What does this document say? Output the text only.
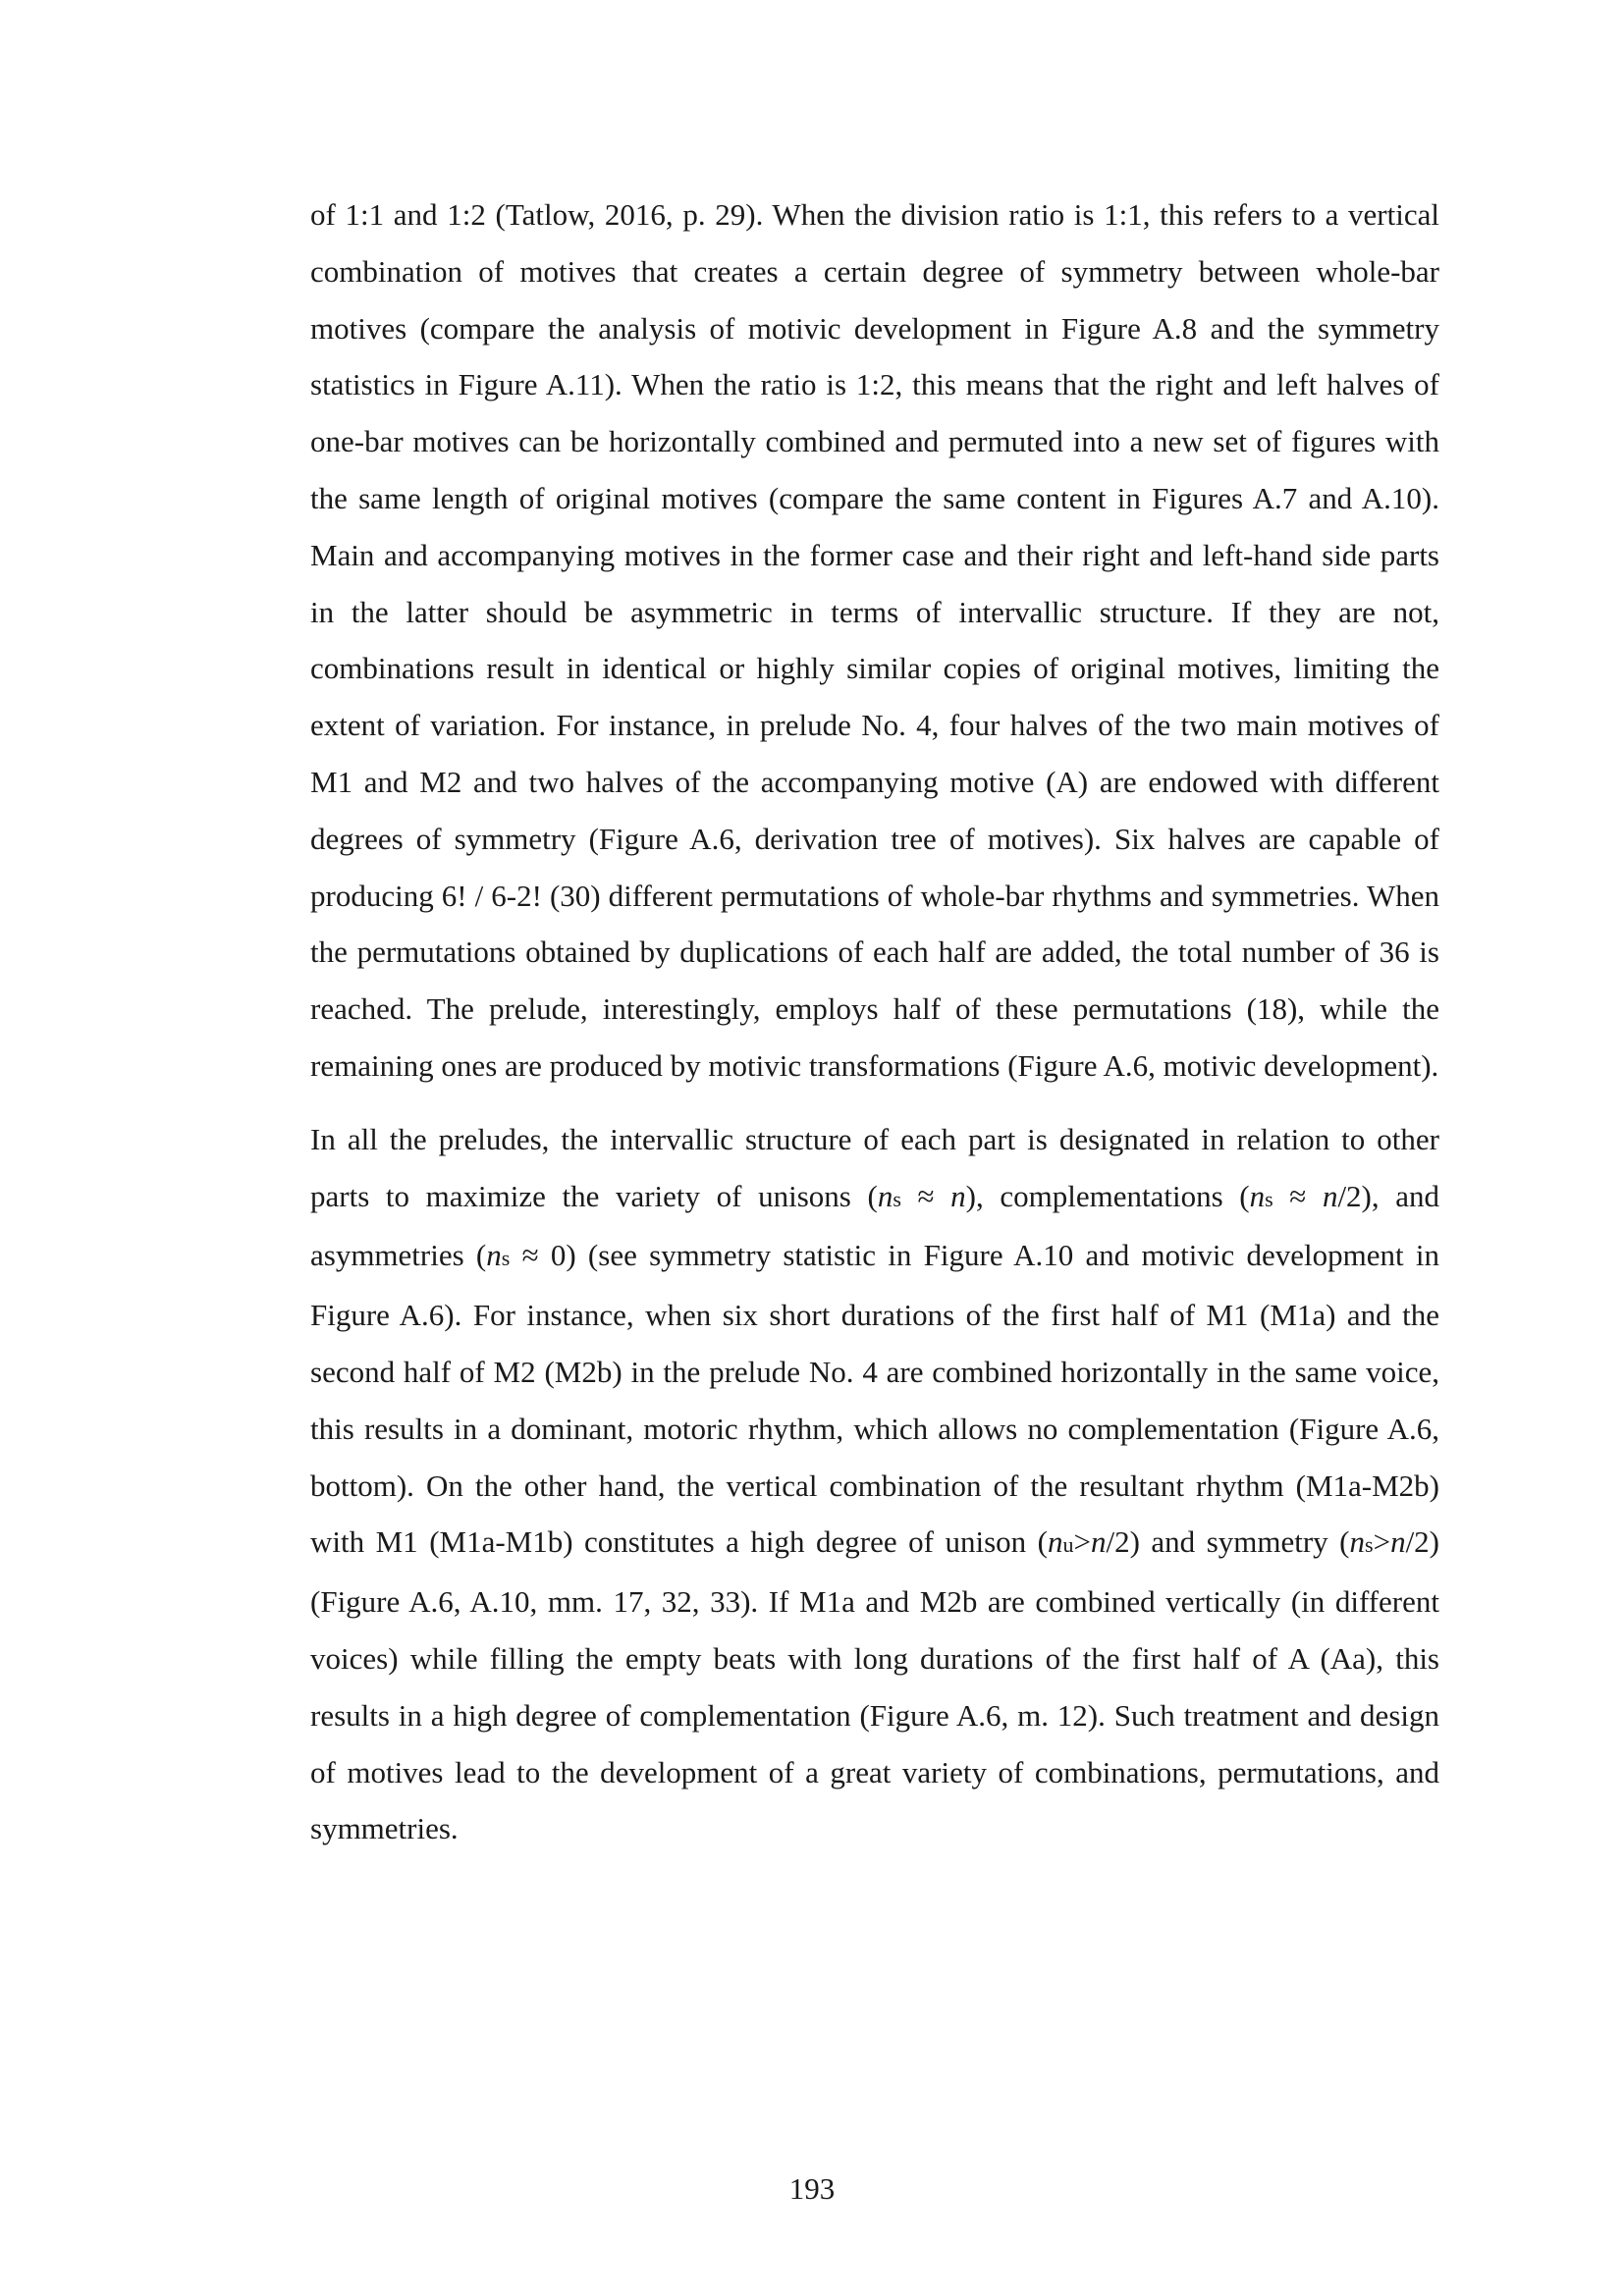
of 1:1 and 1:2 (Tatlow, 2016, p. 29). When the division ratio is 1:1, this refers to a vertical combination of motives that creates a certain degree of symmetry between whole-bar motives (compare the analysis of motivic development in Figure A.8 and the symmetry statistics in Figure A.11). When the ratio is 1:2, this means that the right and left halves of one-bar motives can be horizontally combined and permuted into a new set of figures with the same length of original motives (compare the same content in Figures A.7 and A.10). Main and accompanying motives in the former case and their right and left-hand side parts in the latter should be asymmetric in terms of intervallic structure. If they are not, combinations result in identical or highly similar copies of original motives, limiting the extent of variation. For instance, in prelude No. 4, four halves of the two main motives of M1 and M2 and two halves of the accompanying motive (A) are endowed with different degrees of symmetry (Figure A.6, derivation tree of motives). Six halves are capable of producing 6! / 6-2! (30) different permutations of whole-bar rhythms and symmetries. When the permutations obtained by duplications of each half are added, the total number of 36 is reached. The prelude, interestingly, employs half of these permutations (18), while the remaining ones are produced by motivic transformations (Figure A.6, motivic development).

In all the preludes, the intervallic structure of each part is designated in relation to other parts to maximize the variety of unisons (ns ≈ n), complementations (ns ≈ n/2), and asymmetries (ns ≈ 0) (see symmetry statistic in Figure A.10 and motivic development in Figure A.6). For instance, when six short durations of the first half of M1 (M1a) and the second half of M2 (M2b) in the prelude No. 4 are combined horizontally in the same voice, this results in a dominant, motoric rhythm, which allows no complementation (Figure A.6, bottom). On the other hand, the vertical combination of the resultant rhythm (M1a-M2b) with M1 (M1a-M1b) constitutes a high degree of unison (nu>n/2) and symmetry (ns>n/2) (Figure A.6, A.10, mm. 17, 32, 33). If M1a and M2b are combined vertically (in different voices) while filling the empty beats with long durations of the first half of A (Aa), this results in a high degree of complementation (Figure A.6, m. 12). Such treatment and design of motives lead to the development of a great variety of combinations, permutations, and symmetries.

193
